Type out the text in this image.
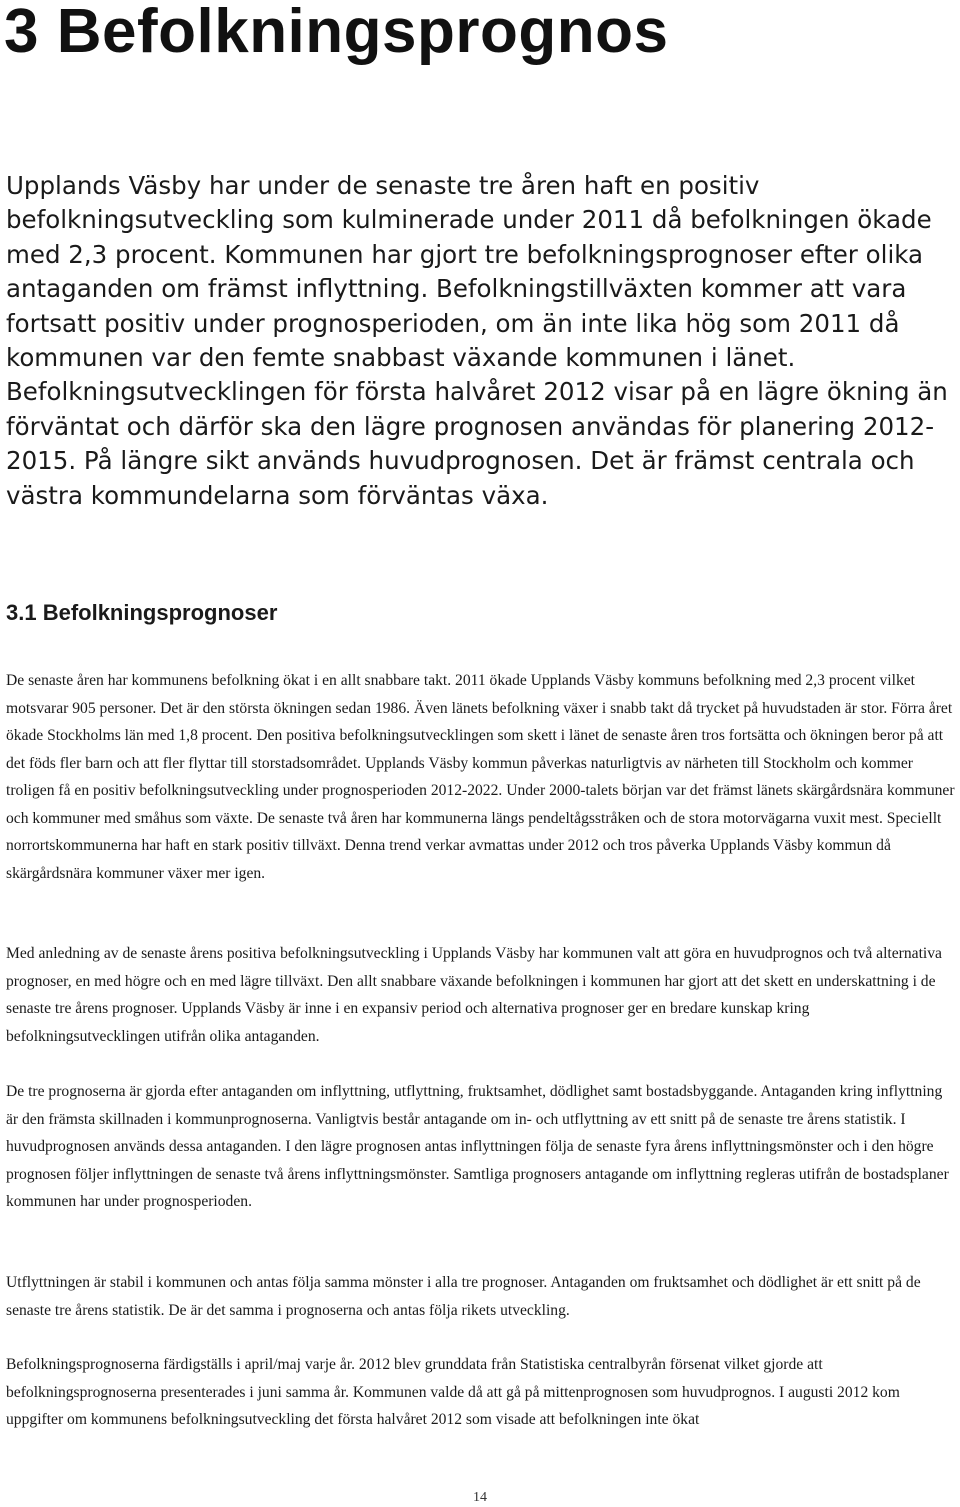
3 Befolkningsprognos

Upplands Väsby har under de senaste tre åren haft en positiv befolkningsutveckling som kulminerade under 2011 då befolkningen ökade med 2,3 procent. Kommunen har gjort tre befolkningsprognoser efter olika antaganden om främst inflyttning. Befolkningstillväxten kommer att vara fortsatt positiv under prognosperioden, om än inte lika hög som 2011 då kommunen var den femte snabbast växande kommunen i länet. Befolkningsutvecklingen för första halvåret 2012 visar på en lägre ökning än förväntat och därför ska den lägre prognosen användas för planering 2012-2015. På längre sikt används huvudprognosen. Det är främst centrala och västra kommundelarna som förväntas växa.

3.1 Befolkningsprognoser

De senaste åren har kommunens befolkning ökat i en allt snabbare takt. 2011 ökade Upplands Väsby kommuns befolkning med 2,3 procent vilket motsvarar 905 personer. Det är den största ökningen sedan 1986. Även länets befolkning växer i snabb takt då trycket på huvudstaden är stor. Förra året ökade Stockholms län med 1,8 procent. Den positiva befolkningsutvecklingen som skett i länet de senaste åren tros fortsätta och ökningen beror på att det föds fler barn och att fler flyttar till storstadsområdet. Upplands Väsby kommun påverkas naturligtvis av närheten till Stockholm och kommer troligen få en positiv befolkningsutveckling under prognosperioden 2012-2022. Under 2000-talets början var det främst länets skärgårdsnära kommuner och kommuner med småhus som växte. De senaste två åren har kommunerna längs pendeltågsstråken och de stora motorvägarna vuxit mest. Speciellt norrortskommunerna har haft en stark positiv tillväxt. Denna trend verkar avmattas under 2012 och tros påverka Upplands Väsby kommun då skärgårdsnära kommuner växer mer igen.

Med anledning av de senaste årens positiva befolkningsutveckling i Upplands Väsby har kommunen valt att göra en huvudprognos och två alternativa prognoser, en med högre och en med lägre tillväxt. Den allt snabbare växande befolkningen i kommunen har gjort att det skett en underskattning i de senaste tre årens prognoser. Upplands Väsby är inne i en expansiv period och alternativa prognoser ger en bredare kunskap kring befolkningsutvecklingen utifrån olika antaganden.

De tre prognoserna är gjorda efter antaganden om inflyttning, utflyttning, fruktsamhet, dödlighet samt bostadsbyggande. Antaganden kring inflyttning är den främsta skillnaden i kommunprognoserna. Vanligtvis består antagande om in- och utflyttning av ett snitt på de senaste tre årens statistik. I huvudprognosen används dessa antaganden. I den lägre prognosen antas inflyttningen följa de senaste fyra årens inflyttningsmönster och i den högre prognosen följer inflyttningen de senaste två årens inflyttningsmönster. Samtliga prognosers antagande om inflyttning regleras utifrån de bostadsplaner kommunen har under prognosperioden.

Utflyttningen är stabil i kommunen och antas följa samma mönster i alla tre prognoser. Antaganden om fruktsamhet och dödlighet är ett snitt på de senaste tre årens statistik. De är det samma i prognoserna och antas följa rikets utveckling.

Befolkningsprognoserna färdigställs i april/maj varje år. 2012 blev grunddata från Statistiska centralbyrån försenat vilket gjorde att befolkningsprognoserna presenterades i juni samma år. Kommunen valde då att gå på mittenprognosen som huvudprognos. I augusti 2012 kom uppgifter om kommunens befolkningsutveckling det första halvåret 2012 som visade att befolkningen inte ökat

14
